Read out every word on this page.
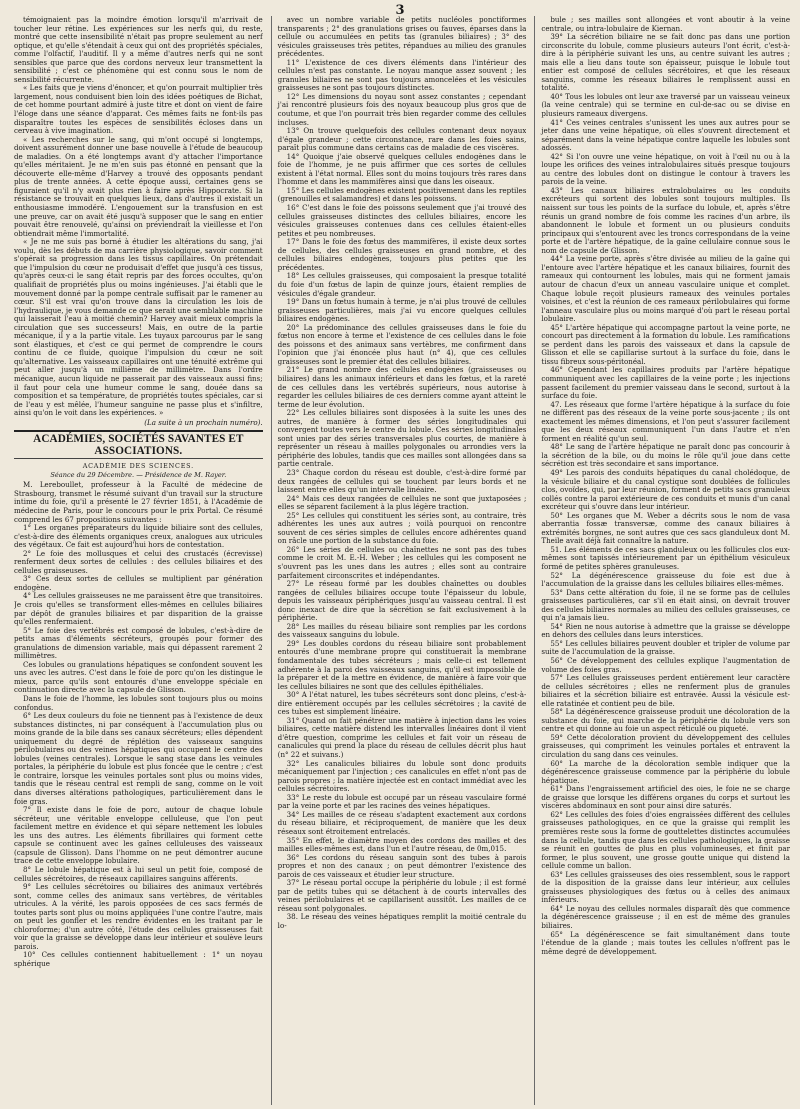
3

témoignaient pas la moindre émotion lorsqu'il m'arrivait de toucher leur rétine. Les expériences sur les nerfs qui, du reste, montré que cette insensibilité n'était pas propre seulement au nerf optique, et qu'elle s'étendait à ceux qui ont des propriétés spéciales, comme l'olfactif, l'auditif. Il y a même d'autres nerfs qui ne sont sensibles que parce que des cordons nerveux leur transmettent la sensibilité ; c'est ce phénomène qui est connu sous le nom de sensibilité récurrente.

« Les faits que je viens d'énoncer, et qu'on pourrait multiplier très largement, nous conduisent bien loin des idées poétiques de Bichat, de cet homme pourtant admiré à juste titre et dont on vient de faire l'éloge dans une séance d'apparat. Ces mêmes faits ne font-ils pas disparaître toutes les espèces de sensibilités écloses dans un cerveau à vive imagination.

« Les recherches sur le sang, qui m'ont occupé si longtemps, doivent assurément donner une base nouvelle à l'étude de beaucoup de maladies. On a été longtemps avant d'y attacher l'importance qu'elles méritaient. Je ne m'en suis pas étonné en pensant que la découverte elle-même d'Harvey a trouvé des opposants pendant plus de trente années. A cette époque aussi, certaines gens se figuraient qu'il n'y avait plus rien à faire après Hippocrate. Si la résistance se trouvait en quelques lieux, dans d'autres il existait un enthousiasme immodéré. L'engouement sur la transfusion en est une preuve, car on avait été jusqu'à supposer que le sang en entier pouvait être renouvelé, qu'ainsi on préviendrait la vieillesse et l'on obtiendrait même l'immortalité.

« Je ne me suis pas borné à étudier les altérations du sang, j'ai voulu, dès les débuts de ma carrière physiologique, savoir comment s'opérait sa progression dans les tissus capillaires. On prétendait que l'impulsion du cœur ne produisait d'effet que jusqu'à ces tissus, qu'après ceux-ci le sang était repris par des forces occultes, qu'on qualifiait de propriétés plus ou moins ingénieuses. J'ai établi que le mouvement donné par la pompe centrale suffisait par le ramener au cœur. S'il est vrai qu'on trouve dans la circulation les lois de l'hydraulique, je vous demande ce que serait une semblable machine qui laisserait l'eau à moitié chemin? Harvey avait mieux compris la circulation que ses successeurs! Mais, en outre de la partie mécanique, il y a la partie vitale. Les tuyaux parcourus par le sang sont élastiques, et c'est ce qui permet de comprendre le cours continu de ce fluide, quoique l'impulsion du cœur ne soit qu'alternative. Les vaisseaux capillaires ont une ténuité extrême qui peut aller jusqu'à un millième de millimètre. Dans l'ordre mécanique, aucun liquide ne passerait par des vaisseaux aussi fins; il faut pour cela une humeur comme le sang, douée dans sa composition et sa température, de propriétés toutes spéciales, car si de l'eau y est mêlée, l'humeur sanguine ne passe plus et s'infiltre, ainsi qu'on le voit dans les expériences. »

(La suite à un prochain numéro).
ACADÉMIES, SOCIÉTÉS SAVANTES ET ASSOCIATIONS.
ACADÉMIE DES SCIENCES.
Séance du 29 Décembre. — Présidence de M. Rayer.

M. Lereboullet, professeur à la Faculté de médecine de Strasbourg, transmet le résumé suivant d'un travail sur la structure intime du foie, qu'il a présenté le 27 février 1851, à l'Académie de médecine de Paris, pour le concours pour le prix Portal. Ce résumé comprend les 67 propositions suivantes :

1° Les organes préparateurs du liquide biliaire sont des cellules, c'est-à-dire des éléments organiques creux, analogues aux utricules des végétaux. Ce fait est aujourd'hui hors de contestation.

2° Le foie des mollusques et celui des crustacés (écrevisse) renferment deux sortes de cellules : des cellules biliaires et des cellules graisseuses.

3° Ces deux sortes de cellules se multiplient par génération endogène.

4° Les cellules graisseuses ne me paraissent être que transitoires. Je crois qu'elles se transforment elles-mêmes en cellules biliaires par dépôt de granules biliaires et par disparition de la graisse qu'elles renfermaient.

5° Le foie des vertébrés est composé de lobules, c'est-à-dire de petits amas d'éléments sécréteurs, groupés pour former des granulations de dimension variable, mais qui dépassent rarement 2 millimètres.

Ces lobules ou granulations hépatiques se confondent souvent les uns avec les autres. C'est dans le foie de porc qu'on les distingue le mieux, parce qu'ils sont entourés d'une enveloppe spéciale en continuation directe avec la capsule de Glisson.

Dans le foie de l'homme, les lobules sont toujours plus ou moins confondus.

6° Les deux couleurs du foie ne tiennent pas à l'existence de deux substances distinctes, ni par conséquent à l'accumulation plus ou moins grande de la bile dans ses canaux sécréteurs; elles dépendent uniquement du degré de réplétion des vaisseaux sanguins périlobulaires ou des veines hépatiques qui occupent le centre des lobules (veines centrales). Lorsque le sang stase dans les veinules portales, la périphérie du lobule est plus foncée que le centre ; c'est le contraire, lorsque les veinules portales sont plus ou moins vides, tandis que le réseau central est rempli de sang, comme on le voit dans diverses altérations pathologiques, particulièrement dans le foie gras.

7° Il existe dans le foie de porc, autour de chaque lobule sécréteur, une véritable enveloppe celluleuse, que l'on peut facilement mettre en évidence et qui sépare nettement les lobules les uns des autres. Les éléments fibrillaires qui forment cette capsule se continuent avec les gaînes celluleuses des vaisseaux (capsule de Glisson). Dans l'homme on ne peut démontrer aucune trace de cette enveloppe lobulaire.

8° Le lobule hépatique est à lui seul un petit foie, composé de cellules sécrétoires, de réseaux capillaires sanguins afférents.

9° Les cellules sécrétoires ou biliaires des animaux vertébrés sont, comme celles des animaux sans vertèbres, de véritables utricules. A la vérité, les parois opposées de ces sacs fermés de toutes parts sont plus ou moins appliquées l'une contre l'autre, mais on peut les gonfler et les rendre évidentes en les traitant par le chloroforme; d'un autre côté, l'étude des cellules graisseuses fait voir que la graisse se développe dans leur intérieur et soulève leurs parois.

10° Ces cellules contiennent habituellement : 1° un noyau sphérique

avec un nombre variable de petits nucléoles ponctiformes transparents ; 2° des granulations grises ou fauves, éparses dans la cellule ou accumulées en petits tas (granules biliaires) ; 3° des vésicules graisseuses très petites, répandues au milieu des granules précédentes.

11° L'existence de ces divers éléments dans l'intérieur des cellules n'est pas constante. Le noyau manque assez souvent ; les granules biliaires ne sont pas toujours amoncelées et les vésicules graisseuses ne sont pas toujours distinctes.

12° Les dimensions du noyau sont assez constantes ; cependant j'ai rencontré plusieurs fois des noyaux beaucoup plus gros que de coutume, et que l'on pourrait très bien regarder comme des cellules incluses.

13° On trouve quelquefois des cellules contenant deux noyaux d'égale grandeur ; cette circonstance, rare dans les foies sains, paraît plus commune dans certains cas de maladie de ces viscères.

14° Quoique j'aie observé quelques cellules endogènes dans le foie de l'homme, je ne puis affirmer que ces sortes de cellules existent à l'état normal. Elles sont du moins toujours très rares dans l'homme et dans les mammifères ainsi que dans les oiseaux.

15° Les cellules endogènes existent positivement dans les reptiles (grenouilles et salamandres) et dans les poissons.

16° C'est dans le foie des poissons seulement que j'ai trouvé des cellules graisseuses distinctes des cellules biliaires, encore les vésicules graisseuses contenues dans ces cellules étaient-elles petites et peu nombreuses.

17° Dans le foie des fœtus des mammifères, il existe deux sortes de cellules, des cellules graisseuses en grand nombre, et des cellules biliaires endogènes, toujours plus petites que les précédentes.

18° Les cellules graisseuses, qui composaient la presque totalité du foie d'un fœtus de lapin de quinze jours, étaient remplies de vésicules d'égale grandeur.

19° Dans un fœtus humain à terme, je n'ai plus trouvé de cellules graisseuses particulières, mais j'ai vu encore quelques cellules biliaires endogènes.

20° La prédominance des cellules graisseuses dans le foie du fœtus non encore à terme et l'existence de ces cellules dans le foie des poissons et des animaux sans vertèbres, me confirment dans l'opinion que j'ai énoncée plus haut (n° 4), que ces cellules graisseuses sont le premier état des cellules biliaires.

21° Le grand nombre des cellules endogènes (graisseuses ou biliaires) dans les animaux inférieurs et dans les fœtus, et la rareté de ces cellules dans les vertébrés supérieurs, nous autorise à regarder les cellules biliaires de ces derniers comme ayant atteint le terme de leur évolution.

22° Les cellules biliaires sont disposées à la suite les unes des autres, de manière à former des séries longitudinales qui convergent toutes vers le centre du lobule. Ces séries longitudinales sont unies par des séries transversales plus courtes, de manière à représenter un réseau à mailles polygonales ou arrondies vers la périphérie des lobules, tandis que ces mailles sont allongées dans sa partie centrale.

23° Chaque cordon du réseau est double, c'est-à-dire formé par deux rangées de cellules qui se touchent par leurs bords et ne laissent entre elles qu'un intervalle linéaire.

24° Mais ces deux rangées de cellules ne sont que juxtaposées ; elles se séparent facilement à la plus légère traction.

25° Les cellules qui constituent les séries sont, au contraire, très adhérentes les unes aux autres ; voilà pourquoi on rencontre souvent de ces séries simples de cellules encore adhérentes quand on râcle une portion de la substance du foie.

26° Les séries de cellules ou chaînettes ne sont pas des tubes comme le croit M. E.-H. Weber ; les cellules qui les composent ne s'ouvrent pas les unes dans les autres ; elles sont au contraire parfaitement circonscrites et indépendantes.

27° Le réseau formé par les doubles chaînettes ou doubles rangées de cellules biliaires occupe toute l'épaisseur du lobule, depuis les vaisseaux périphériques jusqu'au vaisseau central. Il est donc inexact de dire que la sécrétion se fait exclusivement à la périphérie.

28° Les mailles du réseau biliaire sont remplies par les cordons des vaisseaux sanguins du lobule.

29° Les doubles cordons du réseau biliaire sont probablement entourés d'une membrane propre qui constituerait la membrane fondamentale des tubes sécréteurs ; mais celle-ci est tellement adhérente à la paroi des vaisseaux sanguins, qu'il est impossible de la préparer et de la mettre en évidence, de manière à faire voir que les cellules biliaires ne sont que des cellules épithéliales.

30° A l'état naturel, les tubes sécréteurs sont donc pleins, c'est-à-dire entièrement occupés par les cellules sécrétoires ; la cavité de ces tubes est simplement linéaire.

31° Quand on fait pénétrer une matière à injection dans les voies biliaires, cette matière distend les intervalles linéaires dont il vient d'être question, comprime les cellules et fait voir un réseau de canalicules qui prend la place du réseau de cellules décrit plus haut (n° 22 et suivans.)

32° Les canalicules biliaires du lobule sont donc produits mécaniquement par l'injection ; ces canalicules en effet n'ont pas de parois propres ; la matière injectée est en contact immédiat avec les cellules sécrétoires.

33° Le reste du lobule est occupé par un réseau vasculaire formé par la veine porte et par les racines des veines hépatiques.

34° Les mailles de ce réseau s'adaptent exactement aux cordons du réseau biliaire, et réciproquement, de manière que les deux réseaux sont étroitement entrelacés.

35° En effet, le diamètre moyen des cordons des mailles et des mailles elles-mêmes est, dans l'un et l'autre réseau, de 0m,015.

36° Les cordons du réseau sanguin sont des tubes à parois propres et non des canaux ; on peut démontrer l'existence des parois de ces vaisseaux et étudier leur structure.

37° Le réseau portal occupe la périphérie du lobule ; il est formé par de petits tubes qui se détachent à de courts intervalles des veines périlobulaires et se capillarisent aussitôt. Les mailles de ce réseau sont polygonales.

38. Le réseau des veines hépatiques remplit la moitié centrale du lo-

bule ; ses mailles sont allongées et vont aboutir à la veine centrale, ou intra-lobulaire de Kiernan.

39° La sécrétion biliaire ne se fait donc pas dans une portion circonscrite du lobule, comme plusieurs auteurs l'ont écrit, c'est-à-dire à la périphérie suivant les uns, au centre suivant les autres ; mais elle a lieu dans toute son épaisseur, puisque le lobule tout entier est composé de cellules sécrétoires, et que les réseaux sanguins, comme les réseaux biliaires le remplissent aussi en totalité.

40° Tous les lobules ont leur axe traversé par un vaisseau veineux (la veine centrale) qui se termine en cul-de-sac ou se divise en plusieurs rameaux divergens.

41° Ces veines centrales s'unissent les unes aux autres pour se jeter dans une veine hépatique, où elles s'ouvrent directement et séparément dans la veine hépatique contre laquelle les lobules sont adossés.

42° Si l'on ouvre une veine hépatique, on voit à l'œil nu ou à la loupe les orifices des veines intralobulaires situés presque toujours au centre des lobules dont on distingue le contour à travers les parois de la veine.

43° Les canaux biliaires extralobulaires ou les conduits excréteurs qui sortent des lobules sont toujours multiples. Ils naissent sur tous les points de la surface du lobule, et, après s'être réunis un grand nombre de fois comme les racines d'un arbre, ils abandonnent le lobule et forment un ou plusieurs conduits principaux qui s'entourent avec les troncs correspondans de la veine porte et de l'artère hépatique, de la gaîne cellulaire connue sous le nom de capsule de Glisson.

44° La veine porte, après s'être divisée au milieu de la gaîne qui l'entoure avec l'artère hépatique et les canaux biliaires, fournit des rameaux qui contournent les lobules, mais qui ne forment jamais autour de chacun d'eux un anneau vasculaire unique et complet. Chaque lobule reçoit plusieurs rameaux des veinules portales voisines, et c'est la réunion de ces rameaux périlobulaires qui forme l'anneau vasculaire plus ou moins marqué d'où part le réseau portal lobulaire.

45° L'artère hépatique qui accompagne partout la veine porte, ne concourt pas directement à la formation du lobule. Les ramifications se perdent dans les parois des vaisseaux et dans la capsule de Glisson et elle se capillarise surtout à la surface du foie, dans le tissu fibreux sous-péritonéal.

46° Cependant les capillaires produits par l'artère hépatique communiquent avec les capillaires de la veine porte ; les injections passent facilement du premier vaisseau dans le second, surtout à la surface du foie.

47. Les réseaux que forme l'artère hépatique à la surface du foie ne diffèrent pas des réseaux de la veine porte sous-jacente ; ils ont exactement les mêmes dimensions, et l'on peut s'assurer facilement que les deux réseaux communiquent l'un dans l'autre et n'en forment en réalité qu'un seul.

48° Le sang de l'artère hépatique ne paraît donc pas concourir à la sécrétion de la bile, ou du moins le rôle qu'il joue dans cette sécrétion est très secondaire et sans importance.

49° Les parois des conduits hépatiques du canal cholédoque, de la vésicule biliaire et du canal cystique sont doublées de follicules clos, ovoïdes, qui, par leur réunion, forment de petits sacs granuleux collés contre la paroi extérieure de ces conduits et munis d'un canal excréteur qui s'ouvre dans leur intérieur.

50° Les organes que M. Weber a décrits sous le nom de vasa aberrantia fossæ transversæ, comme des canaux biliaires à extrémités borgnes, ne sont autres que ces sacs glanduleux dont M. Theile avait déjà fait connaître la nature.

51. Les éléments de ces sacs glanduleux ou les follicules clos eux-mêmes sont tapissés intérieurement par un épithélium vésiculeux formé de petites sphères granuleuses.

52° La dégénérescence graisseuse du foie est due à l'accumulation de la graisse dans les cellules biliaires elles-mêmes.

53° Dans cette altération du foie, il ne se forme pas de cellules graisseuses particulières, car s'il en était ainsi, on devrait trouver des cellules biliaires normales au milieu des cellules graisseuses, ce qui n'a jamais lieu.

54° Rien ne nous autorise à admettre que la graisse se développe en dehors des cellules dans leurs interstices.

55° Les cellules biliaires peuvent doubler et tripler de volume par suite de l'accumulation de la graisse.

56° Ce développement des cellules explique l'augmentation de volume des foies gras.

57° Les cellules graisseuses perdent entièrement leur caractère de cellules sécrétoires ; elles ne renferment plus de granules biliaires et la sécrétion biliaire est entravée. Aussi la vésicule est-elle ratatinée et contient peu de bile.

58° La dégénérescence graisseuse produit une décoloration de la substance du foie, qui marche de la périphérie du lobule vers son centre et qui donne au foie un aspect réticulé ou piqueté.

59° Cette décoloration provient du développement des cellules graisseuses, qui compriment les veinules portales et entravent la circulation du sang dans ces veinules.

60° La marche de la décoloration semble indiquer que la dégénérescence graisseuse commence par la périphérie du lobule hépatique.

61° Dans l'engraissement artificiel des oies, le foie ne se charge de graisse que lorsque les différens organes du corps et surtout les viscères abdominaux en sont pour ainsi dire saturés.

62° Les cellules des foies d'oies engraissées diffèrent des cellules graisseuses pathologiques, en ce que la graisse qui remplit les premières reste sous la forme de gouttelettes distinctes accumulées dans la cellule, tandis que dans les cellules pathologiques, la graisse se réunit en gouttes de plus en plus volumineuses, et finit par former, le plus souvent, une grosse goutte unique qui distend la cellule comme un ballon.

63° Les cellules graisseuses des oies ressemblent, sous le rapport de la disposition de la graisse dans leur intérieur, aux cellules graisseuses physiologiques des fœtus ou à celles des animaux inférieurs.

64° Le noyau des cellules normales disparaît dès que commence la dégénérescence graisseuse ; il en est de même des granules biliaires.

65° La dégénérescence se fait simultanément dans toute l'étendue de la glande ; mais toutes les cellules n'offrent pas le même degré de développement.
